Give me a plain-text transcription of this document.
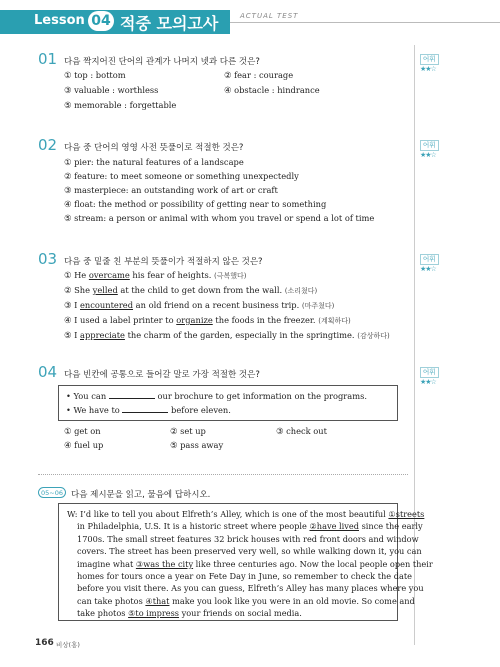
Lesson 04 적중 모의고사	ACTUAL TEST
01 다음 짝지어진 단어의 관계가 나머지 넷과 다른 것은?	어휘
★★☆
① top : bottom	② fear : courage
③ valuable : worthless	④ obstacle : hindrance
⑤ memorable : forgettable
02 다음 중 단어의 영영 사전 뜻풀이로 적절한 것은?	어휘
★★☆
① pier: the natural features of a landscape
② feature: to meet someone or something unexpectedly
③ masterpiece: an outstanding work of art or craft
④ float: the method or possibility of getting near to something
⑤ stream: a person or animal with whom you travel or spend a lot of time
03 다음 중 밑줄 친 부분의 뜻풀이가 적절하지 않은 것은?	어휘
★★☆
① He overcame his fear of heights. (극복했다)
② She yelled at the child to get down from the wall. (소리쳤다)
③ I encountered an old friend on a recent business trip. (마주쳤다)
④ I used a label printer to organize the foods in the freezer. (계획하다)
⑤ I appreciate the charm of the garden, especially in the springtime. (감상하다)
04 다음 빈칸에 공통으로 들어갈 말로 가장 적절한 것은?	어휘
★★☆
• You can	our brochure to get information on the programs.
• We have to	before eleven.
① get on	② set up	③ check out
④ fuel up	⑤ pass away
05~06 다음 제시문을 읽고, 물음에 답하시오.
W: I’d like to tell you about Elfreth’s Alley, which is one of the most beautiful ①streets
in Philadelphia, U.S. It is a historic street where people ②have lived since the early
1700s. The small street features 32 brick houses with red front doors and window
covers. The street has been preserved very well, so while walking down it, you can
imagine what ③was the city like three centuries ago. Now the local people open their
homes for tours once a year on Fete Day in June, so remember to check the date
before you visit there. As you can guess, Elfreth’s Alley has many places where you
can take photos ④that make you look like you were in an old movie. So come and
take photos ⑤to impress your friends on social media.
166 비상(홍)
